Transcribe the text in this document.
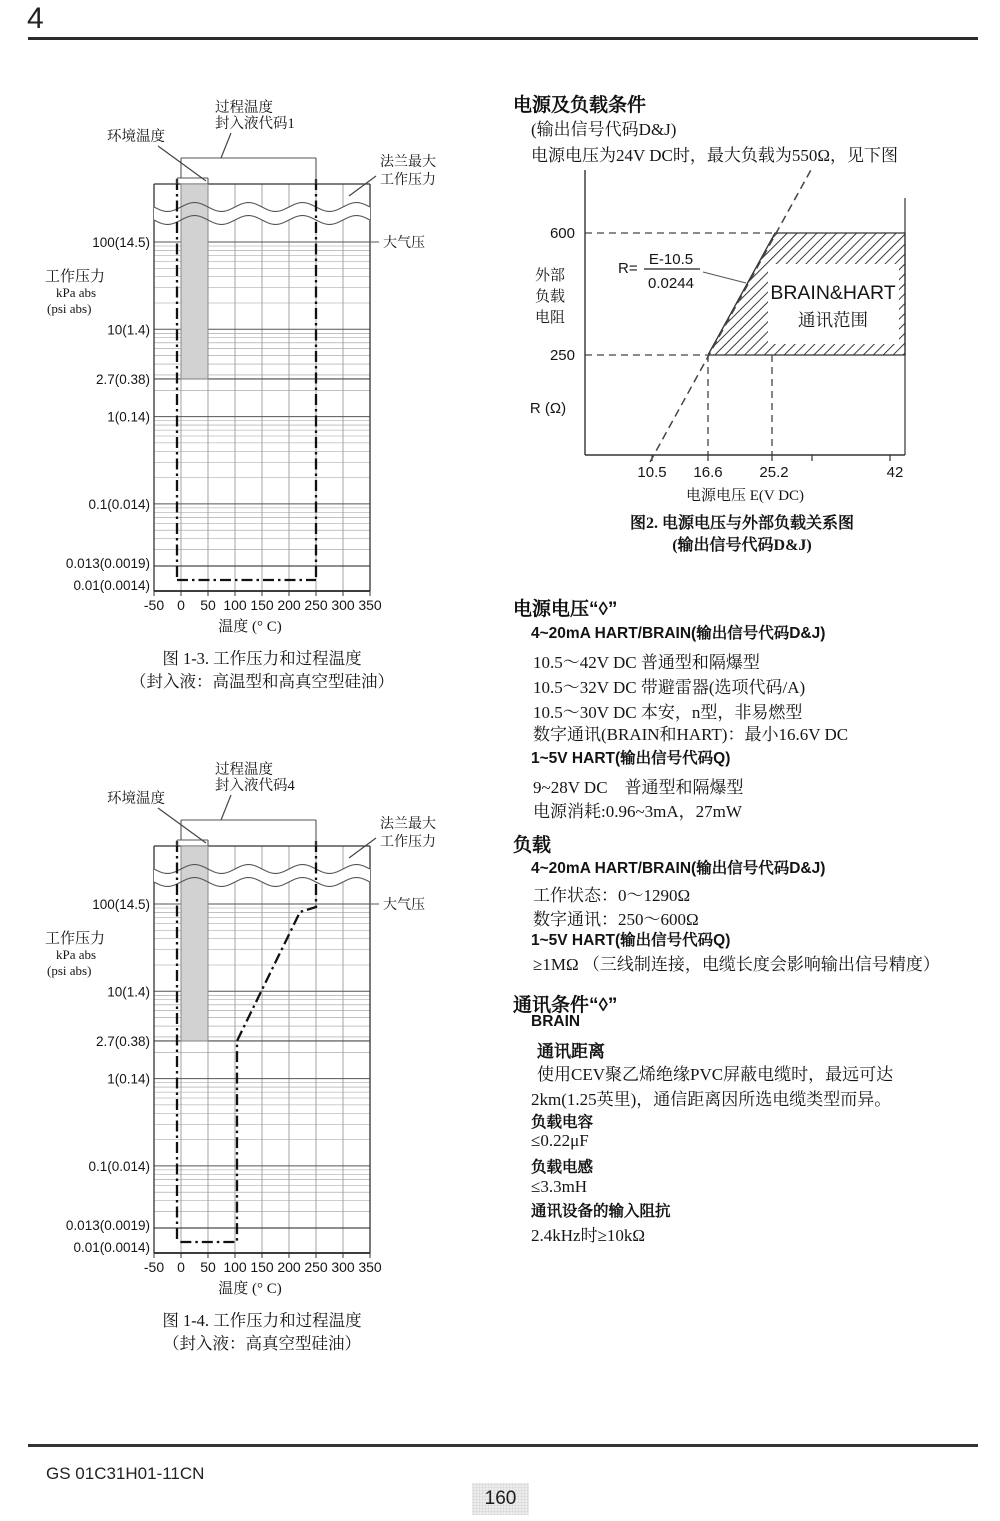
4
过程温度
封入液代码1
环境温度
法兰最大
工作压力
大气压
工作压力
kPa abs
(psi abs)
100(14.5)
10(1.4)
2.7(0.38)
1(0.14)
0.1(0.014)
0.013(0.0019)
0.01(0.0014)
-50 0 50 100 150 200 250 300 350
温度 (° C)
图 1-3. 工作压力和过程温度
（封入液：高温型和高真空型硅油）
过程温度
封入液代码4
环境温度
法兰最大
工作压力
大气压
工作压力
kPa abs
(psi abs)
100(14.5)
10(1.4)
2.7(0.38)
1(0.14)
0.1(0.014)
0.013(0.0019)
0.01(0.0014)
-50 0 50 100 150 200 250 300 350
温度 (° C)
图 1-4. 工作压力和过程温度
（封入液：高真空型硅油）
R=
E-10.5
0.0244
600
250
外部
负载
电阻
R (Ω)
BRAIN&HART
通讯范围
10.5 16.6 25.2	42
电源电压 E(V DC)
图2. 电源电压与外部负载关系图
(输出信号代码D&J)
电源及负载条件
(输出信号代码D&J)
电源电压为24V DC时，最大负载为550Ω，见下图
电源电压“◊”
4~20mA HART/BRAIN(输出信号代码D&J)
10.5～42V DC 普通型和隔爆型
10.5～32V DC 带避雷器(选项代码/A)
10.5～30V DC 本安，n型，非易燃型
数字通讯(BRAIN和HART)：最小16.6V DC
1~5V HART(输出信号代码Q)
9~28V DC　普通型和隔爆型
电源消耗:0.96~3mA，27mW
负载
4~20mA HART/BRAIN(输出信号代码D&J)
工作状态：0～1290Ω
数字通讯：250～600Ω
1~5V HART(输出信号代码Q)
≥1MΩ （三线制连接，电缆长度会影响输出信号精度）
通讯条件“◊”
BRAIN
通讯距离
使用CEV聚乙烯绝缘PVC屏蔽电缆时，最远可达
2km(1.25英里)，通信距离因所选电缆类型而异。
负载电容
≤0.22μF
负载电感
≤3.3mH
通讯设备的输入阻抗
2.4kHz时≥10kΩ
GS 01C31H01-11CN
160
